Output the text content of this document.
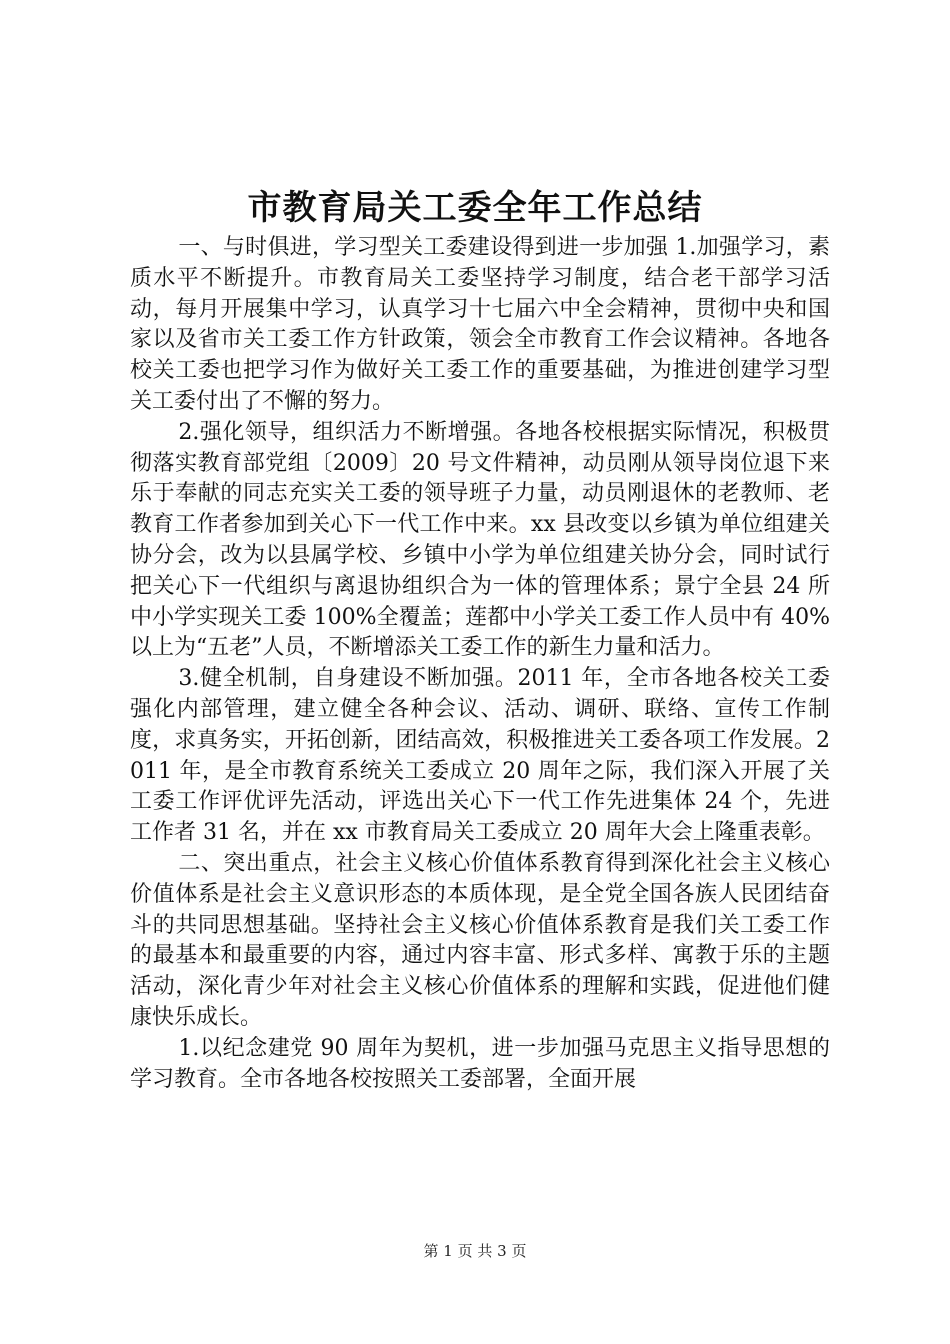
市教育局关工委全年工作总结

一、与时俱进，学习型关工委建设得到进一步加强 1.加强学习，素质水平不断提升。市教育局关工委坚持学习制度，结合老干部学习活动，每月开展集中学习，认真学习十七届六中全会精神，贯彻中央和国家以及省市关工委工作方针政策，领会全市教育工作会议精神。各地各校关工委也把学习作为做好关工委工作的重要基础，为推进创建学习型关工委付出了不懈的努力。

2.强化领导，组织活力不断增强。各地各校根据实际情况，积极贯彻落实教育部党组〔2009〕20 号文件精神，动员刚从领导岗位退下来乐于奉献的同志充实关工委的领导班子力量，动员刚退休的老教师、老教育工作者参加到关心下一代工作中来。xx 县改变以乡镇为单位组建关协分会，改为以县属学校、乡镇中小学为单位组建关协分会，同时试行把关心下一代组织与离退协组织合为一体的管理体系；景宁全县 24 所中小学实现关工委 100%全覆盖；莲都中小学关工委工作人员中有 40%以上为“五老”人员，不断增添关工委工作的新生力量和活力。

3.健全机制，自身建设不断加强。2011 年，全市各地各校关工委强化内部管理，建立健全各种会议、活动、调研、联络、宣传工作制度，求真务实，开拓创新，团结高效，积极推进关工委各项工作发展。2011 年，是全市教育系统关工委成立 20 周年之际，我们深入开展了关工委工作评优评先活动，评选出关心下一代工作先进集体 24 个，先进工作者 31 名，并在 xx 市教育局关工委成立 20 周年大会上隆重表彰。

二、突出重点，社会主义核心价值体系教育得到深化社会主义核心价值体系是社会主义意识形态的本质体现，是全党全国各族人民团结奋斗的共同思想基础。坚持社会主义核心价值体系教育是我们关工委工作的最基本和最重要的内容，通过内容丰富、形式多样、寓教于乐的主题活动，深化青少年对社会主义核心价值体系的理解和实践，促进他们健康快乐成长。

1.以纪念建党 90 周年为契机，进一步加强马克思主义指导思想的学习教育。全市各地各校按照关工委部署，全面开展

第 1 页 共 3 页
